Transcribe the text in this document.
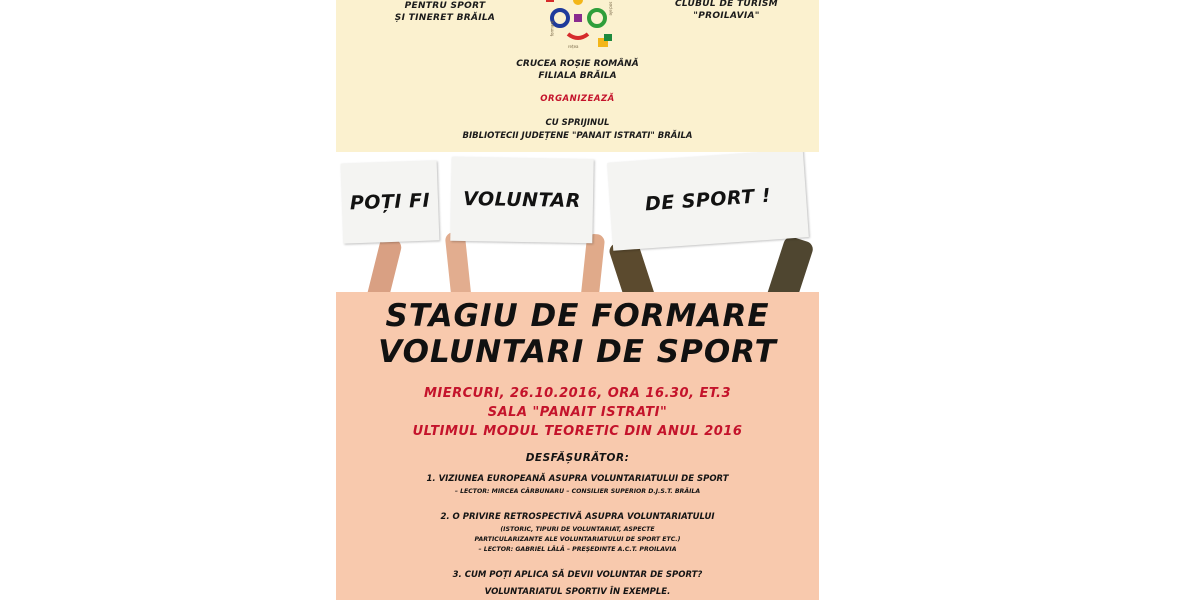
PENTRU SPORT
ȘI TINERET BRĂILA
formare
sociale
rețea
CLUBUL DE TURISM
"PROILAVIA"
CRUCEA ROȘIE ROMÂNĂ
FILIALA BRĂILA
ORGANIZEAZĂ
CU SPRIJINUL
BIBLIOTECII JUDEȚENE "PANAIT ISTRATI" BRĂILA
POȚI FI VOLUNTAR	DE SPORT !
STAGIU DE FORMARE
VOLUNTARI DE SPORT
MIERCURI, 26.10.2016, ORA 16.30, ET.3
SALA "PANAIT ISTRATI"
ULTIMUL MODUL TEORETIC DIN ANUL 2016
DESFĂȘURĂTOR:
1. VIZIUNEA EUROPEANĂ ASUPRA VOLUNTARIATULUI DE SPORT
– LECTOR: MIRCEA CĂRBUNARU – CONSILIER SUPERIOR D.J.S.T. BRĂILA
2. O PRIVIRE RETROSPECTIVĂ ASUPRA VOLUNTARIATULUI
(ISTORIC, TIPURI DE VOLUNTARIAT, ASPECTE
PARTICULARIZANTE ALE VOLUNTARIATULUI DE SPORT ETC.)
– LECTOR: GABRIEL LĂLĂ – PREȘEDINTE A.C.T. PROILAVIA
3. CUM POȚI APLICA SĂ DEVII VOLUNTAR DE SPORT?
VOLUNTARIATUL SPORTIV ÎN EXEMPLE.
